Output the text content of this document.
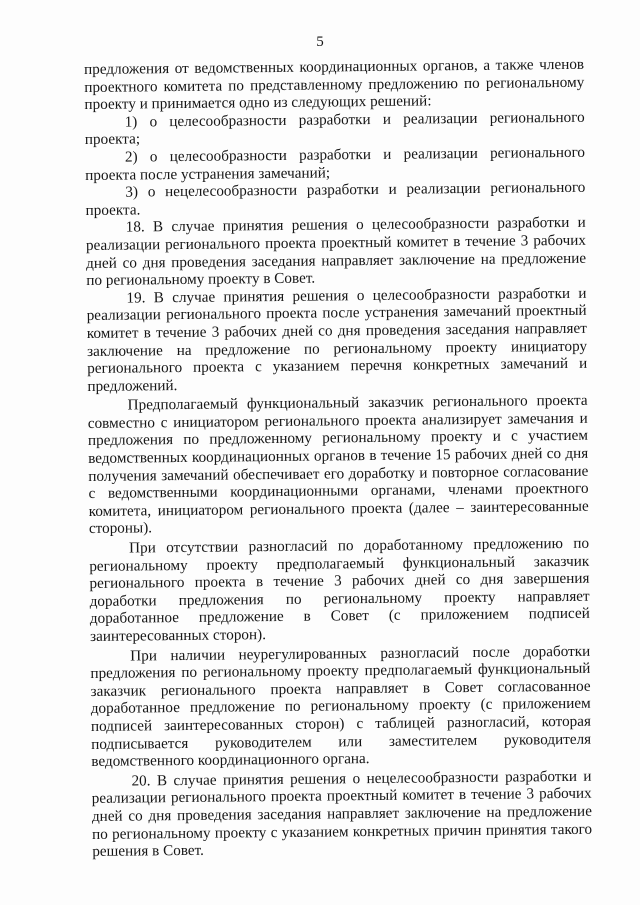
5

предложения от ведомственных координационных органов, а также членов проектного комитета по представленному предложению по региональному проекту и принимается одно из следующих решений:

1) о целесообразности разработки и реализации регионального проекта;

2) о целесообразности разработки и реализации регионального проекта после устранения замечаний;

3) о нецелесообразности разработки и реализации регионального проекта.

18. В случае принятия решения о целесообразности разработки и реализации регионального проекта проектный комитет в течение 3 рабочих дней со дня проведения заседания направляет заключение на предложение по региональному проекту в Совет.

19. В случае принятия решения о целесообразности разработки и реализации регионального проекта после устранения замечаний проектный комитет в течение 3 рабочих дней со дня проведения заседания направляет заключение на предложение по региональному проекту инициатору регионального проекта с указанием перечня конкретных замечаний и предложений.

Предполагаемый функциональный заказчик регионального проекта совместно с инициатором регионального проекта анализирует замечания и предложения по предложенному региональному проекту и с участием ведомственных координационных органов в течение 15 рабочих дней со дня получения замечаний обеспечивает его доработку и повторное согласование с ведомственными координационными органами, членами проектного комитета, инициатором регионального проекта (далее – заинтересованные стороны).

При отсутствии разногласий по доработанному предложению по региональному проекту предполагаемый функциональный заказчик регионального проекта в течение 3 рабочих дней со дня завершения доработки предложения по региональному проекту направляет доработанное предложение в Совет (с приложением подписей заинтересованных сторон).

При наличии неурегулированных разногласий после доработки предложения по региональному проекту предполагаемый функциональный заказчик регионального проекта направляет в Совет согласованное доработанное предложение по региональному проекту (с приложением подписей заинтересованных сторон) с таблицей разногласий, которая подписывается руководителем или заместителем руководителя ведомственного координационного органа.

20. В случае принятия решения о нецелесообразности разработки и реализации регионального проекта проектный комитет в течение 3 рабочих дней со дня проведения заседания направляет заключение на предложение по региональному проекту с указанием конкретных причин принятия такого решения в Совет.
